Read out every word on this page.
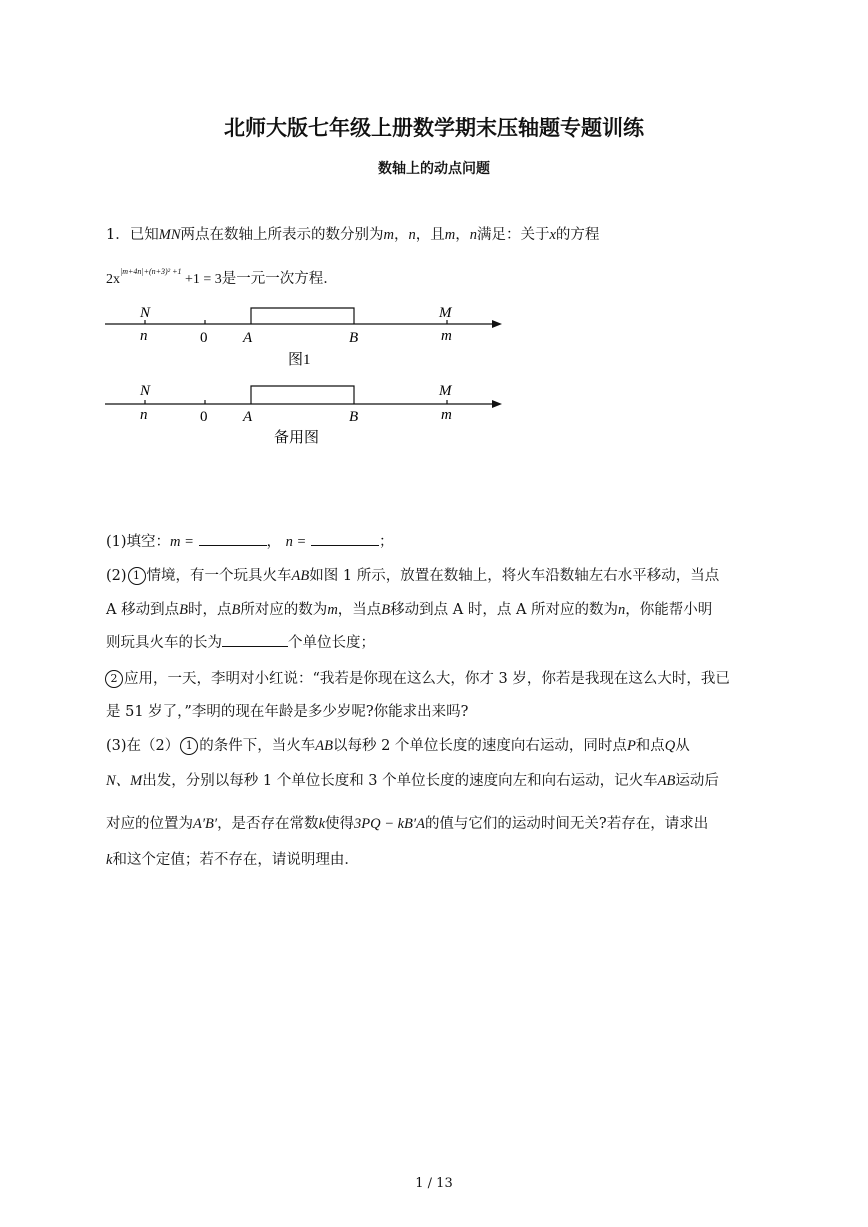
北师大版七年级上册数学期末压轴题专题训练
数轴上的动点问题
1．已知MN两点在数轴上所表示的数分别为m，n，且m，n满足：关于x的方程
$2x^{|m+4n|+(n+3)^2 +1} +1 = 3$是一元一次方程．
N
n	0 A	B
M
m
图1
N
n	0 A	B
M
m
备用图
(1)填空：m =	， n =	；
(2) 1 情境，有一个玩具火车AB如图 1 所示，放置在数轴上，将火车沿数轴左右水平移动，当点
A 移动到点B时，点B所对应的数为m，当点B移动到点 A 时，点 A 所对应的数为n，你能帮小明
则玩具火车的长为	个单位长度；
2 应用，一天，李明对小红说：“我若是你现在这么大，你才 3 岁，你若是我现在这么大时，我已
是 51 岁了，”李明的现在年龄是多少岁呢?你能求出来吗?
(3)在（2） 1 的条件下，当火车AB以每秒 2 个单位长度的速度向右运动，同时点P和点Q从
N、M出发，分别以每秒 1 个单位长度和 3 个单位长度的速度向左和向右运动，记火车AB运动后
对应的位置为A′B′，是否存在常数k使得3PQ − kB′A的值与它们的运动时间无关?若存在，请求出
k和这个定值；若不存在，请说明理由．
1 / 13
